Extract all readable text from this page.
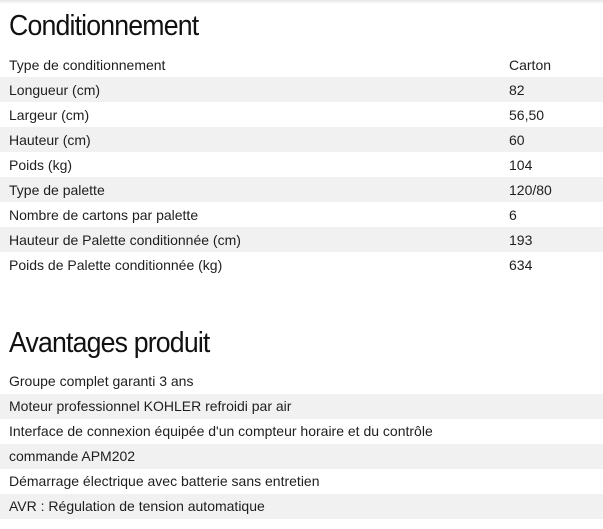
Conditionnement
Type de conditionnement	Carton
Longueur (cm)	82
Largeur (cm)	56,50
Hauteur (cm)	60
Poids (kg)	104
Type de palette	120/80
Nombre de cartons par palette	6
Hauteur de Palette conditionnée (cm)	193
Poids de Palette conditionnée (kg)	634
Avantages produit
Groupe complet garanti 3 ans
Moteur professionnel KOHLER refroidi par air
Interface de connexion équipée d'un compteur horaire et du contrôle
commande APM202
Démarrage électrique avec batterie sans entretien
AVR : Régulation de tension automatique
